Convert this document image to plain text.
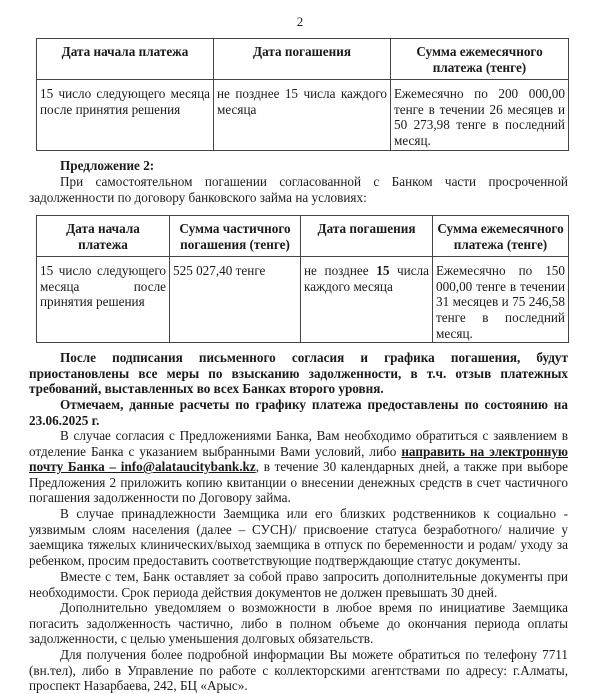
2
Дата начала платежа	Дата погашения	Сумма ежемесячного платежа (тенге)
15 число следующего месяца после принятия решения	не позднее 15 числа каждого месяца	Ежемесячно по 200 000,00 тенге в течении 26 месяцев и 50 273,98 тенге в последний месяц.
Предложение 2:
При самостоятельном погашении согласованной с Банком части просроченной задолженности по договору банковского займа на условиях:
Дата начала платежа	Сумма частичного погашения (тенге)	Дата погашения	Сумма ежемесячного платежа (тенге)
15 число следующего месяца после принятия решения	525 027,40 тенге	не позднее 15 числа каждого месяца	Ежемесячно по 150 000,00 тенге в течении 31 месяцев и 75 246,58 тенге в последний месяц.
После подписания письменного согласия и графика погашения, будут приостановлены все меры по взысканию задолженности, в т.ч. отзыв платежных требований, выставленных во всех Банках второго уровня.
Отмечаем, данные расчеты по графику платежа предоставлены по состоянию на 23.06.2025 г.
В случае согласия с Предложениями Банка, Вам необходимо обратиться с заявлением в отделение Банка с указанием выбранными Вами условий, либо направить на электронную почту Банка – info@alataucitybank.kz, в течение 30 календарных дней, а также при выборе Предложения 2 приложить копию квитанции о внесении денежных средств в счет частичного погашения задолженности по Договору займа.
В случае принадлежности Заемщика или его близких родственников к социально - уязвимым слоям населения (далее – СУСН)/ присвоение статуса безработного/ наличие у заемщика тяжелых клинических/выход заемщика в отпуск по беременности и родам/ уходу за ребенком, просим предоставить соответствующие подтверждающие статус документы.
Вместе с тем, Банк оставляет за собой право запросить дополнительные документы при необходимости. Срок периода действия документов не должен превышать 30 дней.
Дополнительно уведомляем о возможности в любое время по инициативе Заемщика погасить задолженность частично, либо в полном объеме до окончания периода оплаты задолженности, с целью уменьшения долговых обязательств.
Для получения более подробной информации Вы можете обратиться по телефону 7711 (вн.тел), либо в Управление по работе с коллекторскими агентствами по адресу: г.Алматы, проспект Назарбаева, 242, БЦ «Арыс».
